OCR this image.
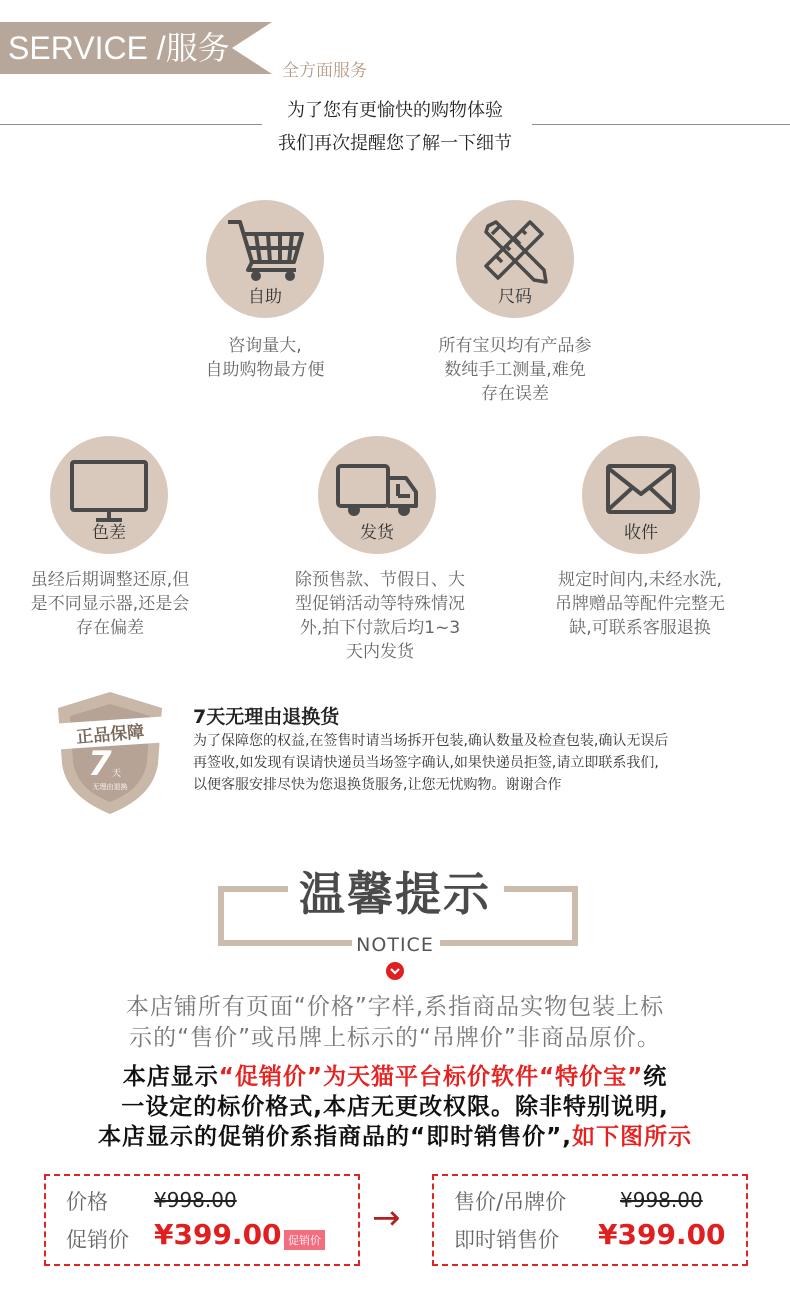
SERVICE /服务
全方面服务
为了您有更愉快的购物体验
我们再次提醒您了解一下细节
自助
咨询量大,
自助购物最方便
尺码
所有宝贝均有产品参
数纯手工测量,难免
存在误差
色差
虽经后期调整还原,但
是不同显示器,还是会
存在偏差
发货
除预售款、节假日、大
型促销活动等特殊情况
外,拍下付款后均1~3
天内发货
收件
规定时间内,未经水洗,
吊牌赠品等配件完整无
缺,可联系客服退换
正品保障
7 天
无理由退换
7天无理由退换货
为了保障您的权益,在签售时请当场拆开包装,确认数量及检查包装,确认无误后
再签收,如发现有误请快递员当场签字确认,如果快递员拒签,请立即联系我们,
以便客服安排尽快为您退换货服务,让您无忧购物。谢谢合作
温馨提示
NOTICE
本店铺所有页面“价格”字样,系指商品实物包装上标
示的“售价”或吊牌上标示的“吊牌价”非商品原价。
本店显示“促销价”为天猫平台标价软件“特价宝”统
一设定的标价格式,本店无更改权限。除非特别说明,
本店显示的促销价系指商品的“即时销售价”,如下图所示
价格 ¥998.00
促销价 ¥399.00 促销价
→	售价/吊牌价	¥998.00
即时销售价 ¥399.00
